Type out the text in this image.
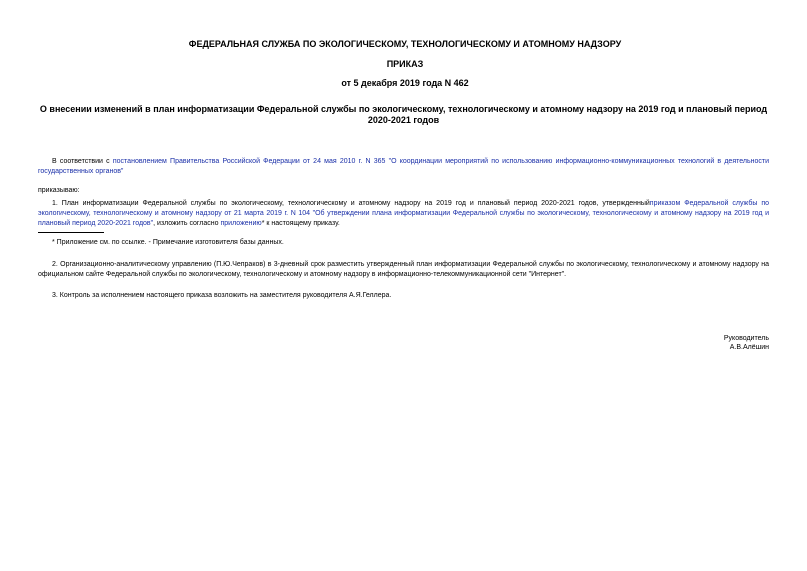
ФЕДЕРАЛЬНАЯ СЛУЖБА ПО ЭКОЛОГИЧЕСКОМУ, ТЕХНОЛОГИЧЕСКОМУ И АТОМНОМУ НАДЗОРУ
ПРИКАЗ
от 5 декабря 2019 года N 462
О внесении изменений в план информатизации Федеральной службы по экологическому, технологическому и атомному надзору на 2019 год и плановый период 2020-2021 годов
В соответствии с постановлением Правительства Российской Федерации от 24 мая 2010 г. N 365 "О координации мероприятий по использованию информационно-коммуникационных технологий в деятельности государственных органов"
приказываю:
1. План информатизации Федеральной службы по экологическому, технологическому и атомному надзору на 2019 год и плановый период 2020-2021 годов, утвержденныйприказом Федеральной службы по экологическому, технологическому и атомному надзору от 21 марта 2019 г. N 104 "Об утверждении плана информатизации Федеральной службы по экологическому, технологическому и атомному надзору на 2019 год и плановый период 2020-2021 годов", изложить согласно приложению* к настоящему приказу.
* Приложение см. по ссылке. - Примечание изготовителя базы данных.
2. Организационно-аналитическому управлению (П.Ю.Чепраков) в 3-дневный срок разместить утвержденный план информатизации Федеральной службы по экологическому, технологическому и атомному надзору на официальном сайте Федеральной службы по экологическому, технологическому и атомному надзору в информационно-телекоммуникационной сети "Интернет".
3. Контроль за исполнением настоящего приказа возложить на заместителя руководителя А.Я.Геллера.
Руководитель
А.В.Алёшин
